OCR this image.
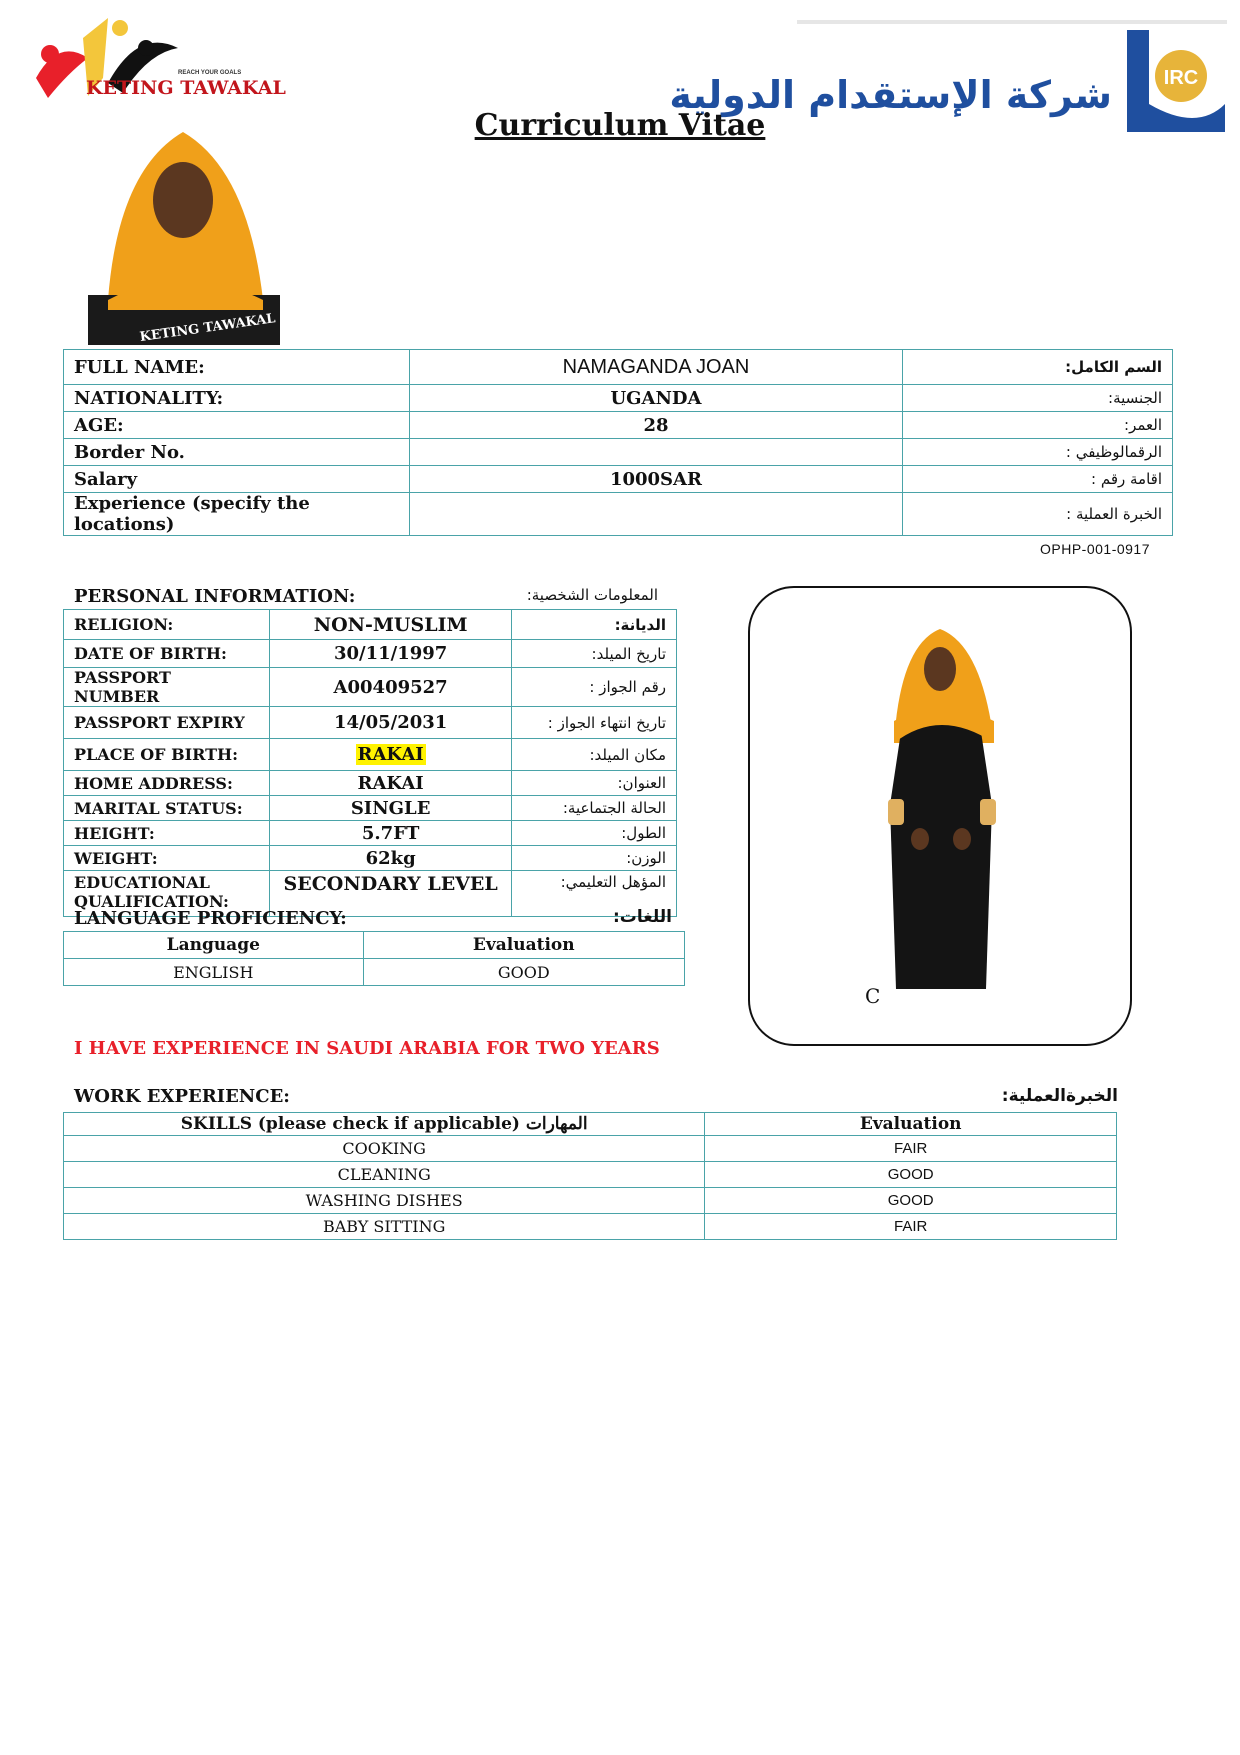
REACH YOUR GOALS
KETING TAWAKAL	شركة الإستقدام الدولية	IRC
Curriculum Vitae
KETING TAWAKAL
FULL NAME:	NAMAGANDA JOAN	السم الكامل:
NATIONALITY:	UGANDA	الجنسية:
AGE:	28	العمر:
Border No.		الرقمالوظيفي :
Salary	1000SAR	اقامة رقم :
Experience (specify the locations)		الخبرة العملية :
OPHP-001-0917
PERSONAL INFORMATION:	المعلومات الشخصية:
RELIGION:	NON-MUSLIM	الديانة:
DATE OF BIRTH:	30/11/1997	تاريخ الميلد:
PASSPORT NUMBER	A00409527	رقم الجواز :
PASSPORT EXPIRY	14/05/2031	تاريخ انتهاء الجواز :
PLACE OF BIRTH:	RAKAI	مكان الميلد:
HOME ADDRESS:	RAKAI	العنوان:
MARITAL STATUS:	SINGLE	الحالة الجتماعية:
HEIGHT:	5.7FT	الطول:
WEIGHT:	62kg	الوزن:
EDUCATIONAL QUALIFICATION:	SECONDARY LEVEL	المؤهل التعليمي:
LANGUAGE PROFICIENCY:	اللغات:
Language	Evaluation
ENGLISH	GOOD
C
I HAVE EXPERIENCE IN SAUDI ARABIA FOR TWO YEARS
WORK EXPERIENCE:	الخبرةالعملية:
SKILLS (please check if applicable) المهارات	Evaluation
COOKING	FAIR
CLEANING	GOOD
WASHING DISHES	GOOD
BABY SITTING	FAIR
